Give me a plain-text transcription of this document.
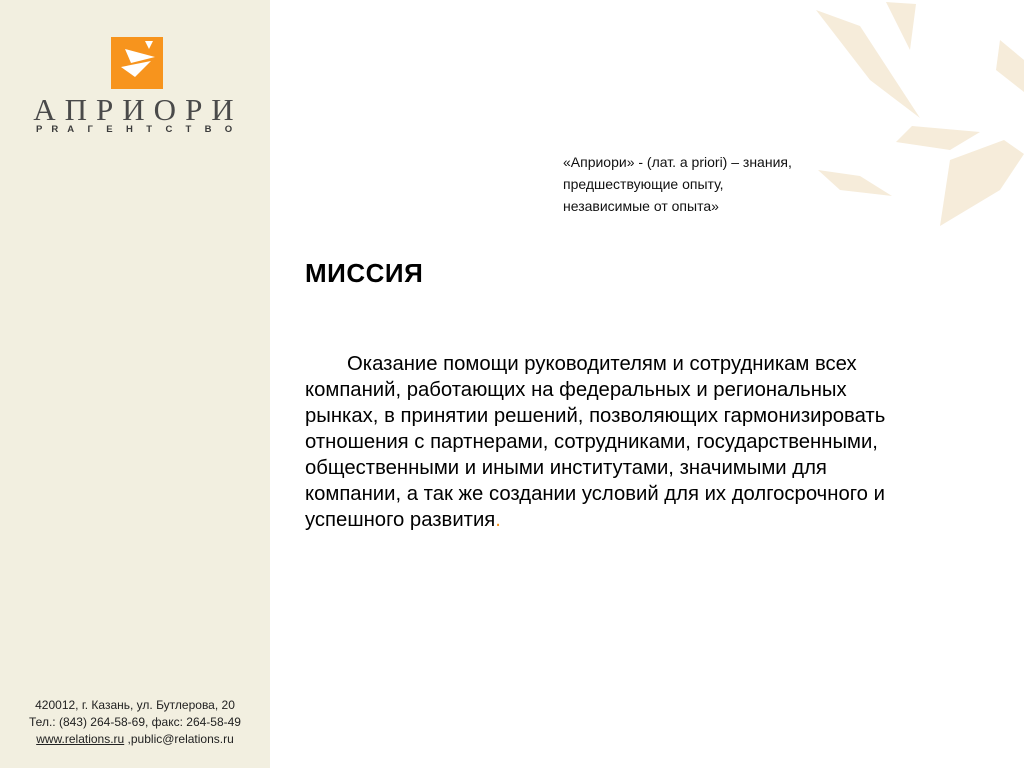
АПРИОРИ
PR АГЕНТСТВО
420012, г. Казань, ул. Бутлерова, 20
Тел.: (843) 264-58-69, факс: 264-58-49
www.relations.ru ,public@relations.ru
«Априори» - (лат. a priori) – знания,
предшествующие опыту,
независимые от опыта»
МИССИЯ
Оказание помощи руководителям и сотрудникам всех компаний, работающих на федеральных и региональных рынках, в принятии решений, позволяющих гармонизировать отношения с партнерами, сотрудниками, государственными, общественными и иными институтами, значимыми для компании, а так же создании условий для их долгосрочного и успешного развития.
